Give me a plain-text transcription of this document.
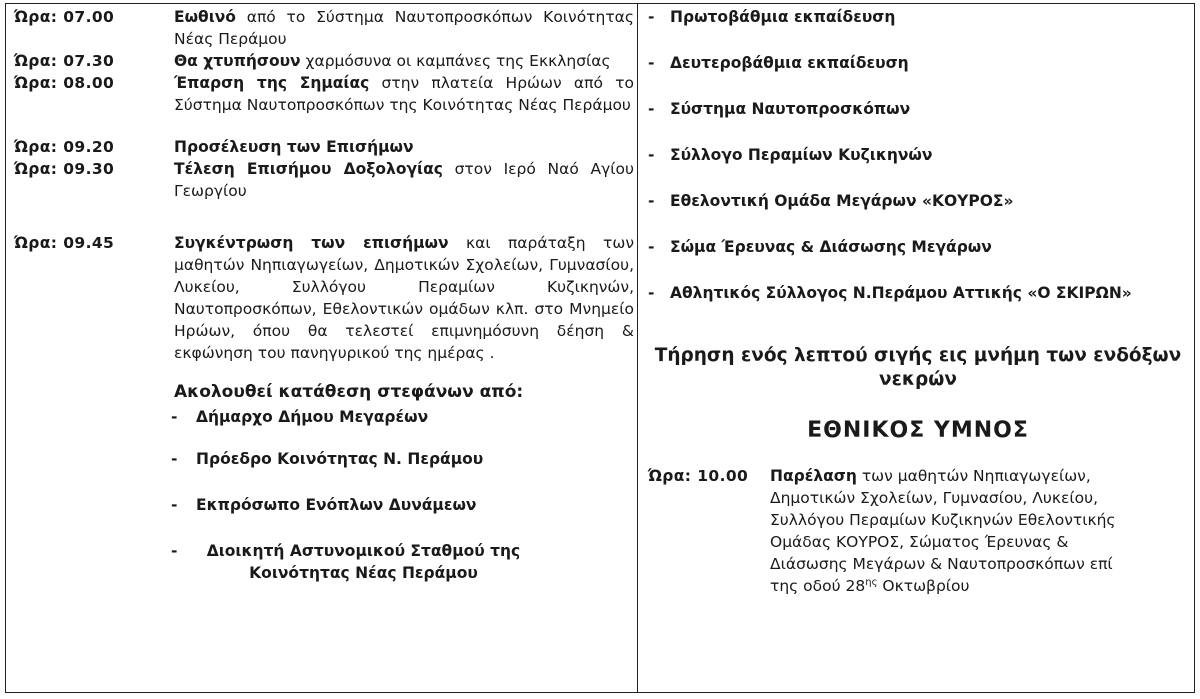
Ώρα: 07.00	Εωθινό από το Σύστημα Ναυτοπροσκόπων Κοινότητας Νέας Περάμου
Ώρα: 07.30	Θα χτυπήσουν χαρμόσυνα οι καμπάνες της Εκκλησίας
Ώρα: 08.00	Έπαρση της Σημαίας στην πλατεία Ηρώων από το Σύστημα Ναυτοπροσκόπων της Κοινότητας Νέας Περάμου
Ώρα: 09.20	Προσέλευση των Επισήμων
Ώρα: 09.30	Τέλεση Επισήμου Δοξολογίας στον Ιερό Ναό Αγίου Γεωργίου
Ώρα: 09.45	Συγκέντρωση των επισήμων και παράταξη των μαθητών Νηπιαγωγείων, Δημοτικών Σχολείων, Γυμνασίου, Λυκείου, Συλλόγου Περαμίων Κυζικηνών, Ναυτοπροσκόπων, Εθελοντικών ομάδων κλπ. στο Μνημείο Ηρώων, όπου θα τελεστεί επιμνημόσυνη δέηση & εκφώνηση του πανηγυρικού της ημέρας .
Ακολουθεί κατάθεση στεφάνων από:
-	Δήμαρχο Δήμου Μεγαρέων
-	Πρόεδρο Κοινότητας Ν. Περάμου
-	Εκπρόσωπο Ενόπλων Δυνάμεων
-	Διοικητή Αστυνομικού Σταθμού της Κοινότητας Νέας Περάμου
-	Πρωτοβάθμια εκπαίδευση
-	Δευτεροβάθμια εκπαίδευση
-	Σύστημα Ναυτοπροσκόπων
-	Σύλλογο Περαμίων Κυζικηνών
-	Εθελοντική Ομάδα Μεγάρων «ΚΟΥΡΟΣ»
-	Σώμα Έρευνας & Διάσωσης Μεγάρων
-	Αθλητικός Σύλλογος Ν.Περάμου Αττικής «Ο ΣΚΙΡΩΝ»
Τήρηση ενός λεπτού σιγής εις μνήμη των ενδόξων νεκρών
ΕΘΝΙΚΟΣ ΥΜΝΟΣ
Ώρα: 10.00 Παρέλαση των μαθητών Νηπιαγωγείων, Δημοτικών Σχολείων, Γυμνασίου, Λυκείου, Συλλόγου Περαμίων Κυζικηνών Εθελοντικής Ομάδας ΚΟΥΡΟΣ, Σώματος Έρευνας & Διάσωσης Μεγάρων & Ναυτοπροσκόπων επί της οδού $28^{\eta\varsigma}$ Οκτωβρίου
